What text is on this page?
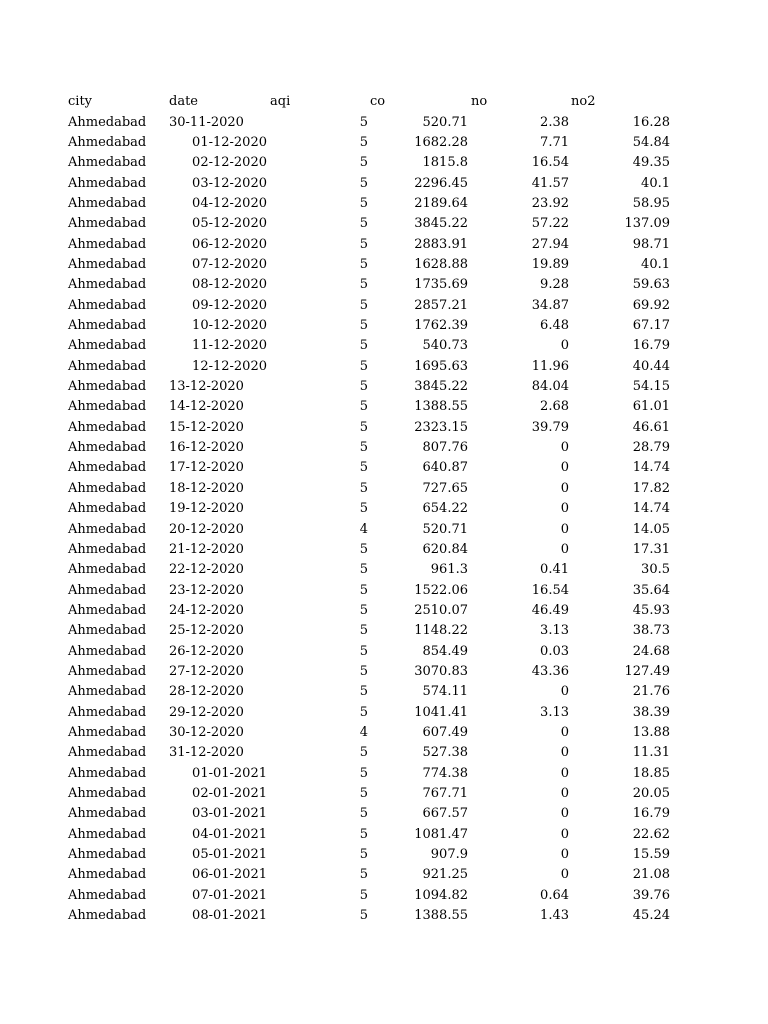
city	date	aqi	co	no	no2
Ahmedabad 30-11-2020	5	520.71	2.38	16.28
Ahmedabad	01-12-2020	5	1682.28	7.71	54.84
Ahmedabad	02-12-2020	5	1815.8	16.54	49.35
Ahmedabad	03-12-2020	5	2296.45	41.57	40.1
Ahmedabad	04-12-2020	5	2189.64	23.92	58.95
Ahmedabad	05-12-2020	5	3845.22	57.22	137.09
Ahmedabad	06-12-2020	5	2883.91	27.94	98.71
Ahmedabad	07-12-2020	5	1628.88	19.89	40.1
Ahmedabad	08-12-2020	5	1735.69	9.28	59.63
Ahmedabad	09-12-2020	5	2857.21	34.87	69.92
Ahmedabad	10-12-2020	5	1762.39	6.48	67.17
Ahmedabad	11-12-2020	5	540.73	0	16.79
Ahmedabad	12-12-2020	5	1695.63	11.96	40.44
Ahmedabad 13-12-2020	5	3845.22	84.04	54.15
Ahmedabad 14-12-2020	5	1388.55	2.68	61.01
Ahmedabad 15-12-2020	5	2323.15	39.79	46.61
Ahmedabad 16-12-2020	5	807.76	0	28.79
Ahmedabad 17-12-2020	5	640.87	0	14.74
Ahmedabad 18-12-2020	5	727.65	0	17.82
Ahmedabad 19-12-2020	5	654.22	0	14.74
Ahmedabad 20-12-2020	4	520.71	0	14.05
Ahmedabad 21-12-2020	5	620.84	0	17.31
Ahmedabad 22-12-2020	5	961.3	0.41	30.5
Ahmedabad 23-12-2020	5	1522.06	16.54	35.64
Ahmedabad 24-12-2020	5	2510.07	46.49	45.93
Ahmedabad 25-12-2020	5	1148.22	3.13	38.73
Ahmedabad 26-12-2020	5	854.49	0.03	24.68
Ahmedabad 27-12-2020	5	3070.83	43.36	127.49
Ahmedabad 28-12-2020	5	574.11	0	21.76
Ahmedabad 29-12-2020	5	1041.41	3.13	38.39
Ahmedabad 30-12-2020	4	607.49	0	13.88
Ahmedabad 31-12-2020	5	527.38	0	11.31
Ahmedabad	01-01-2021	5	774.38	0	18.85
Ahmedabad	02-01-2021	5	767.71	0	20.05
Ahmedabad	03-01-2021	5	667.57	0	16.79
Ahmedabad	04-01-2021	5	1081.47	0	22.62
Ahmedabad	05-01-2021	5	907.9	0	15.59
Ahmedabad	06-01-2021	5	921.25	0	21.08
Ahmedabad	07-01-2021	5	1094.82	0.64	39.76
Ahmedabad	08-01-2021	5	1388.55	1.43	45.24
